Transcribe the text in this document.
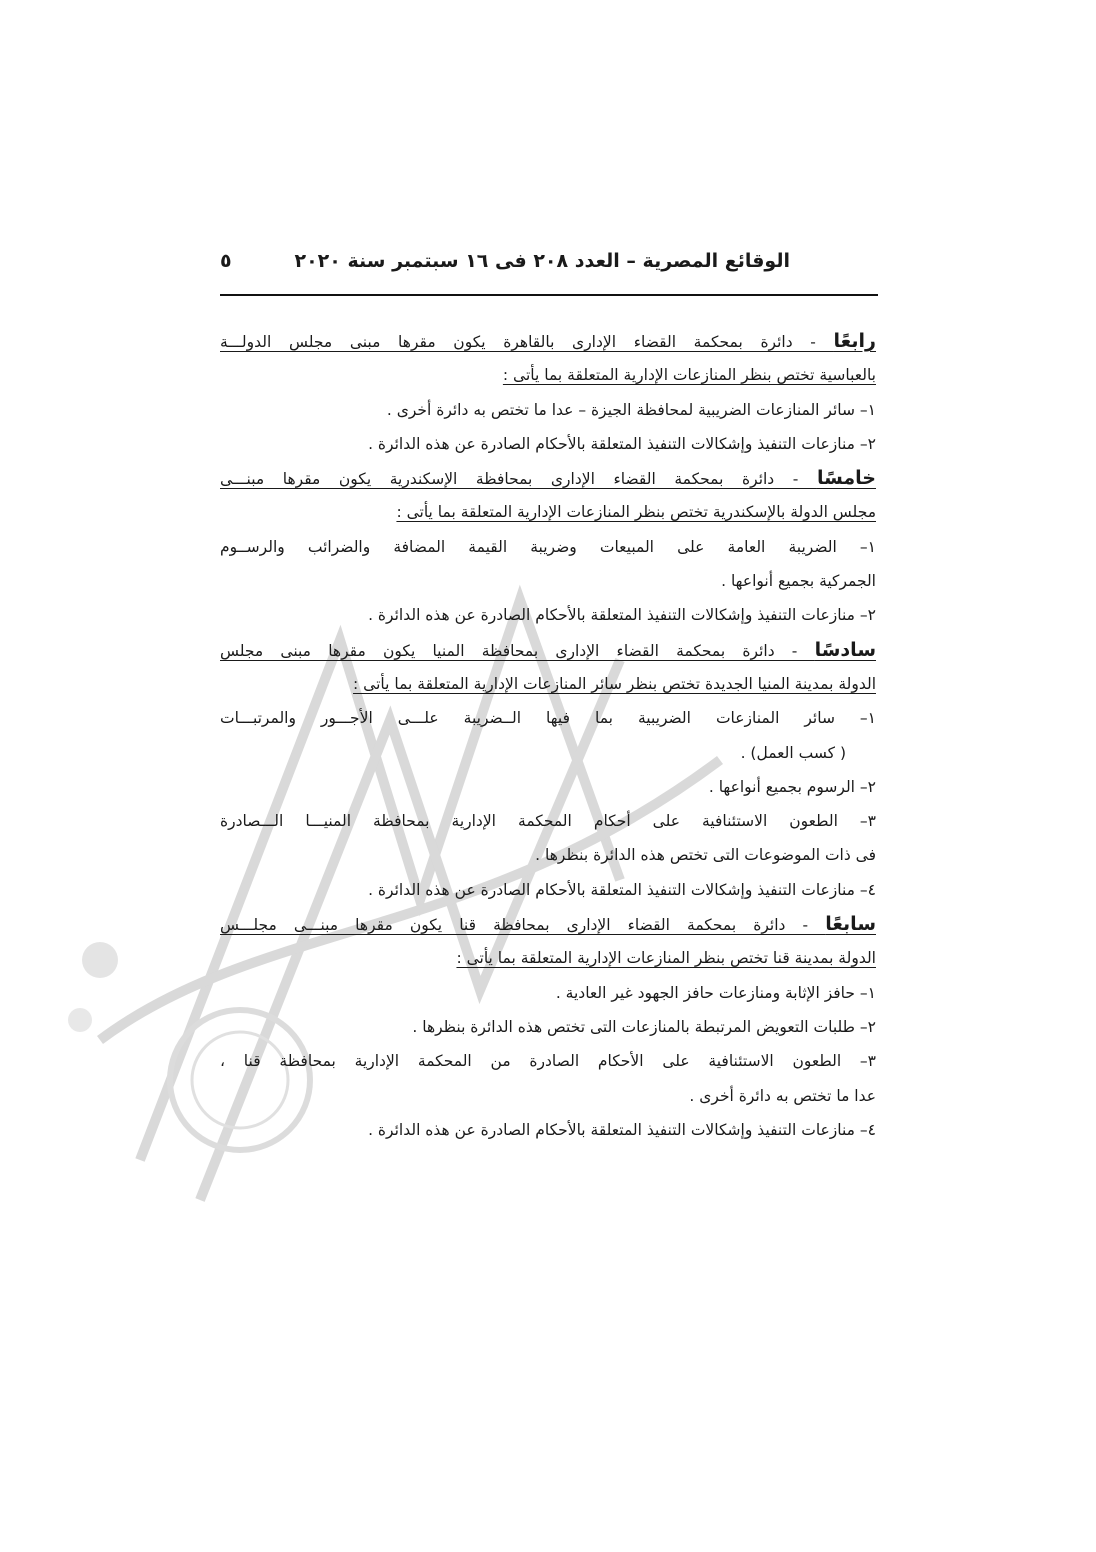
الوقائع المصرية – العدد ٢٠٨ فى ١٦ سبتمبر سنة ٢٠٢٠
٥
رابعًا - دائرة بمحكمة القضاء الإدارى بالقاهرة يكون مقرها مبنى مجلس الدولـــة
بالعباسية تختص بنظر المنازعات الإدارية المتعلقة بما يأتى :
١– سائر المنازعات الضريبية لمحافظة الجيزة – عدا ما تختص به دائرة أخرى .
٢– منازعات التنفيذ وإشكالات التنفيذ المتعلقة بالأحكام الصادرة عن هذه الدائرة .
خامسًا - دائرة بمحكمة القضاء الإدارى بمحافظة الإسكندرية يكون مقرها مبنـــى
مجلس الدولة بالإسكندرية تختص بنظر المنازعات الإدارية المتعلقة بما يأتى :
١– الضريبة العامة على المبيعات وضريبة القيمة المضافة والضرائب والرســوم
الجمركية بجميع أنواعها .
٢– منازعات التنفيذ وإشكالات التنفيذ المتعلقة بالأحكام الصادرة عن هذه الدائرة .
سادسًا - دائرة بمحكمة القضاء الإدارى بمحافظة المنيا يكون مقرها مبنى مجلس
الدولة بمدينة المنيا الجديدة تختص بنظر سائر المنازعات الإدارية المتعلقة بما يأتى :
١– سائر المنازعات الضريبية بما فيها الــضريبة علـــى الأجـــور والمرتبـــات
( كسب العمل) .
٢– الرسوم بجميع أنواعها .
٣– الطعون الاستئنافية على أحكام المحكمة الإدارية بمحافظة المنيـــا الـــصادرة
فى ذات الموضوعات التى تختص هذه الدائرة بنظرها .
٤– منازعات التنفيذ وإشكالات التنفيذ المتعلقة بالأحكام الصادرة عن هذه الدائرة .
سابعًا - دائرة بمحكمة القضاء الإدارى بمحافظة قنا يكون مقرها مبنـــى مجلـــس
الدولة بمدينة قنا تختص بنظر المنازعات الإدارية المتعلقة بما يأتى :
١– حافز الإثابة ومنازعات حافز الجهود غير العادية .
٢– طلبات التعويض المرتبطة بالمنازعات التى تختص هذه الدائرة بنظرها .
٣– الطعون الاستئنافية على الأحكام الصادرة من المحكمة الإدارية بمحافظة قنا ،
عدا ما تختص به دائرة أخرى .
٤– منازعات التنفيذ وإشكالات التنفيذ المتعلقة بالأحكام الصادرة عن هذه الدائرة .
